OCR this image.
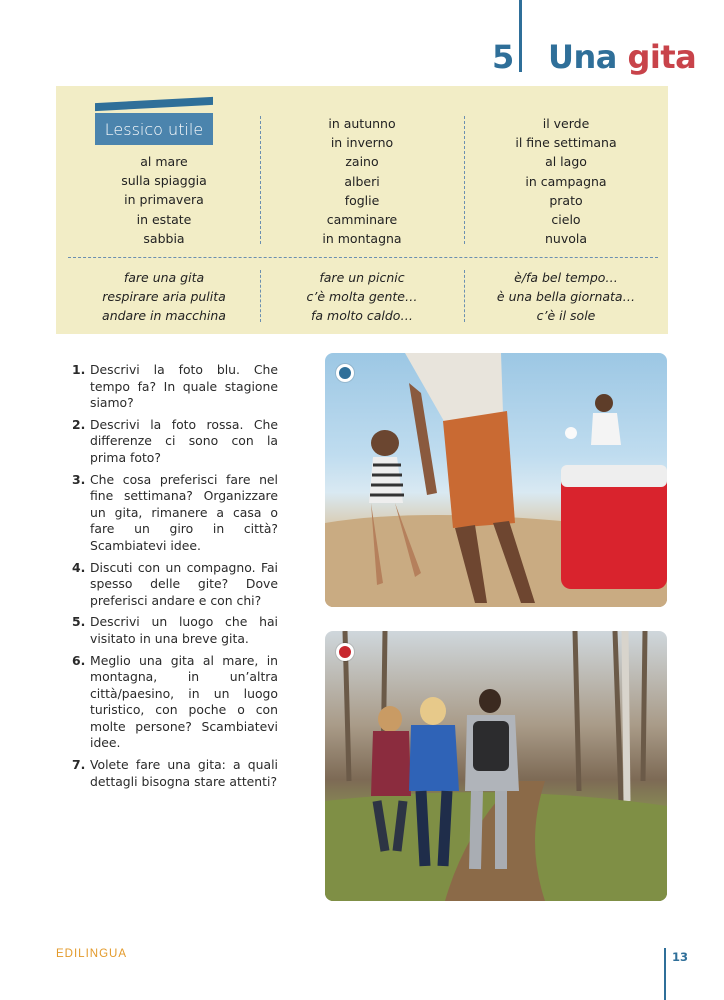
5 Una gita
Lessico utile
al mare
sulla spiaggia
in primavera
in estate
sabbia
in autunno
in inverno
zaino
alberi
foglie
camminare
in montagna
il verde
il fine settimana
al lago
in campagna
prato
cielo
nuvola
fare una gita
respirare aria pulita
andare in macchina
fare un picnic
c’è molta gente…
fa molto caldo…
è/fa bel tempo…
è una bella giornata…
c’è il sole
1. Descrivi la foto blu. Che tempo fa? In quale stagione siamo?
2. Descrivi la foto rossa. Che differenze ci sono con la prima foto?
3. Che cosa preferisci fare nel fine settimana? Organizzare un gita, rimanere a casa o fare un giro in città? Scambiatevi idee.
4. Discuti con un compagno. Fai spesso delle gite? Dove preferisci andare e con chi?
5. Descrivi un luogo che hai visitato in una breve gita.
6. Meglio una gita al mare, in montagna, in un’altra città/paesino, in un luogo turistico, con poche o con molte persone? Scambiatevi idee.
7. Volete fare una gita: a quali dettagli bisogna stare attenti?
EDILINGUA	13
